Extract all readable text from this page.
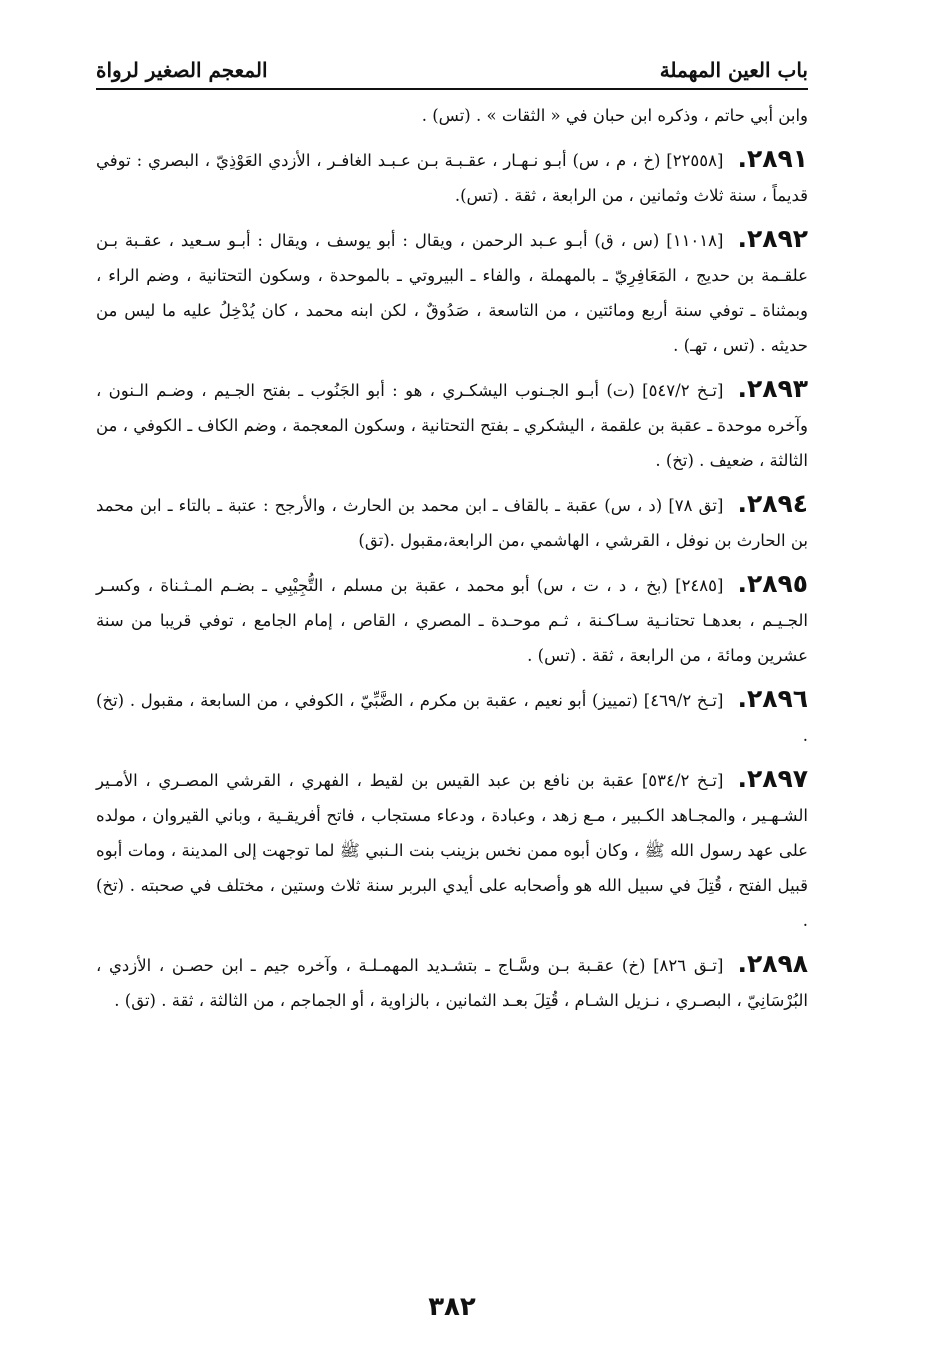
باب العين المهملة
المعجم الصغير لرواة

وابن أبي حاتم ، وذكره ابن حبان في « الثقات » . (تس) .

٢٨٩١.[٢٢٥٥٨] (خ ، م ، س) أبـو نـهـار ، عقـبـة بـن عـبـد الغافـر ، الأزدي العَوْذِيّ ، البصري : توفي قديماً ، سنة ثلاث وثمانين ، من الرابعة ، ثقة . (تس).

٢٨٩٢.[١١٠١٨] (س ، ق) أبـو عـبد الرحمن ، ويقال : أبو يوسف ، ويقال : أبـو سـعيد ، عقـبة بـن علقـمة بن حديج ، المَعَافِرِيّ ـ بالمهملة ، والفاء ـ البيروتي ـ بالموحدة ، وسكون التحتانية ، وضم الراء ، وبمثناة ـ توفي سنة أربع ومائتين ، من التاسعة ، صَدُوقٌ ، لكن ابنه محمد ، كان يُدْخِلُ عليه ما ليس من حديثه . (تس ، تهـ) .

٢٨٩٣.[تـخ ٥٤٧/٢] (ت) أبـو الجـنوب اليشكـري ، هو : أبو الجَنُوب ـ بفتح الجـيم ، وضـم الـنون ، وآخره موحدة ـ عقبة بن علقمة ، اليشكري ـ بفتح التحتانية ، وسكون المعجمة ، وضم الكاف ـ الكوفي ، من الثالثة ، ضعيف . (تخ) .

٢٨٩٤.[تق ٧٨] (د ، س) عقبة ـ بالقاف ـ ابن محمد بن الحارث ، والأرجح : عتبة ـ بالتاء ـ ابن محمد بن الحارث بن نوفل ، القرشي ، الهاشمي ،من الرابعة،مقبول .(تق)

٢٨٩٥.[٢٤٨٥] (بخ ، د ، ت ، س) أبو محمد ، عقبة بن مسلم ، التُّجِيْبِي ـ بضـم المـثـناة ، وكسـر الجـيـم ، بعدهـا تحتانـية سـاكـنة ، ثـم موحـدة ـ المصري ، القاص ، إمام الجامع ، توفي قريبا من سنة عشرين ومائة ، من الرابعة ، ثقة . (تس) .

٢٨٩٦.[تـخ ٤٦٩/٢] (تمييز) أبو نعيم ، عقبة بن مكرم ، الضَّبِّيّ ، الكوفي ، من السابعة ، مقبول . (تخ) .

٢٨٩٧.[تـخ ٥٣٤/٢] عقبة بن نافع بن عبد القيس بن لقيط ، الفهري ، القرشي المصـري ، الأمـير الشـهـير ، والمجـاهد الكـبير ، مـع زهد ، وعبادة ، ودعاء مستجاب ، فاتح أفريقـية ، وباني القيروان ، مولده على عهد رسول الله ﷺ ، وكان أبوه ممن نخس بزينب بنت الـنبي ﷺ لما توجهت إلى المدينة ، ومات أبوه قبيل الفتح ، قُتِلَ في سبيل الله هو وأصحابه على أيدي البربر سنة ثلاث وستين ، مختلف في صحبته . (تخ) .

٢٨٩٨.[تـق ٨٢٦] (خ) عقـبة بـن وسَّـاج ـ بتشـديد المهمـلـة ، وآخره جيم ـ ابن حصـن ، الأزدي ، البُرْسَانِيّ ، البصـري ، نـزيل الشـام ، قُتِلَ بعـد الثمانين ، بالزاوية ، أو الجماجم ، من الثالثة ، ثقة . (تق) .

٣٨٢
